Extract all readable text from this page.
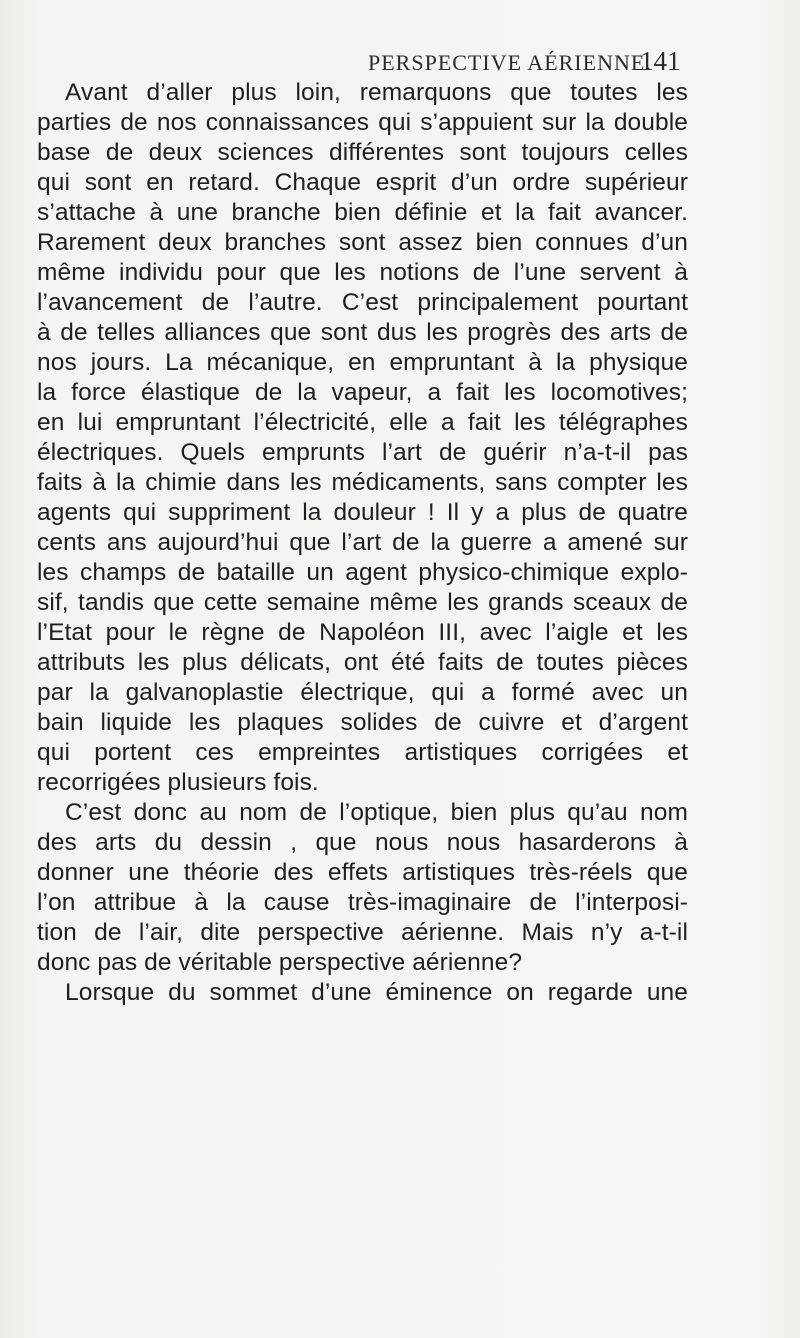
PERSPECTIVE AÉRIENNE.
141
Avant d’aller plus loin, remarquons que toutes les
parties de nos connaissances qui s’appuient sur la double
base de deux sciences différentes sont toujours celles
qui sont en retard. Chaque esprit d’un ordre supérieur
s’attache à une branche bien définie et la fait avancer.
Rarement deux branches sont assez bien connues d’un
même individu pour que les notions de l’une servent à
l’avancement de l’autre. C’est principalement pourtant
à de telles alliances que sont dus les progrès des arts de
nos jours. La mécanique, en empruntant à la physique
la force élastique de la vapeur, a fait les locomotives;
en lui empruntant l’électricité, elle a fait les télégraphes
électriques. Quels emprunts l’art de guérir n’a-t-il pas
faits à la chimie dans les médicaments, sans compter les
agents qui suppriment la douleur ! Il y a plus de quatre
cents ans aujourd’hui que l’art de la guerre a amené sur
les champs de bataille un agent physico-chimique explo-
sif, tandis que cette semaine même les grands sceaux de
l’Etat pour le règne de Napoléon III, avec l’aigle et les
attributs les plus délicats, ont été faits de toutes pièces
par la galvanoplastie électrique, qui a formé avec un
bain liquide les plaques solides de cuivre et d’argent
qui portent ces empreintes artistiques corrigées et
recorrigées plusieurs fois.
C’est donc au nom de l’optique, bien plus qu’au nom
des arts du dessin , que nous nous hasarderons à
donner une théorie des effets artistiques très-réels que
l’on attribue à la cause très-imaginaire de l’interposi-
tion de l’air, dite perspective aérienne. Mais n’y a-t-il
donc pas de véritable perspective aérienne?
Lorsque du sommet d’une éminence on regarde une
